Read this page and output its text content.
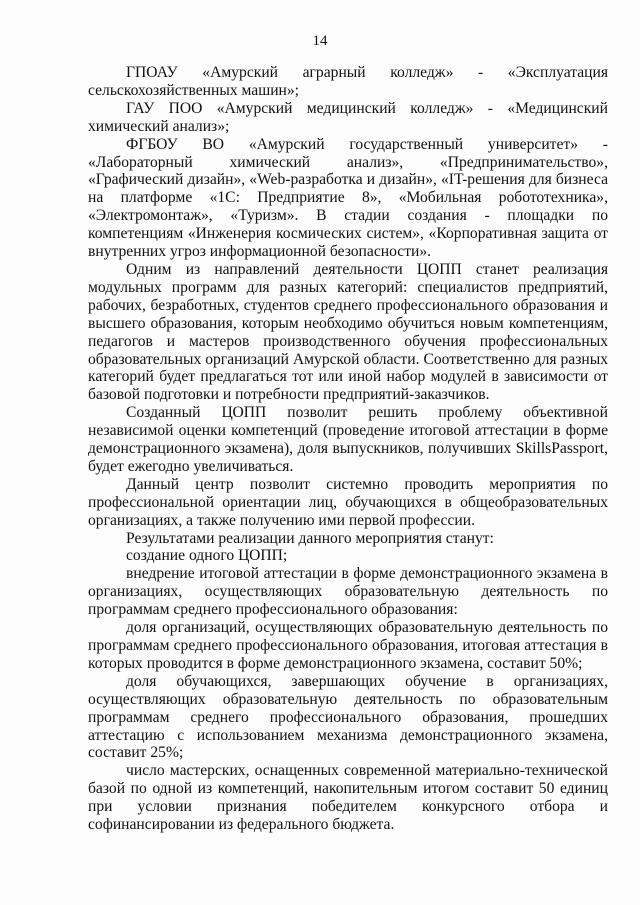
14

ГПОАУ «Амурский аграрный колледж» - «Эксплуатация сельскохозяйственных машин»;

ГАУ ПОО «Амурский медицинский колледж» - «Медицинский химический анализ»;

ФГБОУ ВО «Амурский государственный университет» - «Лабораторный химический анализ», «Предпринимательство», «Графический дизайн», «Web-разработка и дизайн», «IT-решения для бизнеса на платформе «1С: Предприятие 8», «Мобильная робототехника», «Электромонтаж», «Туризм». В стадии создания - площадки по компетенциям «Инженерия космических систем», «Корпоративная защита от внутренних угроз информационной безопасности».

Одним из направлений деятельности ЦОПП станет реализация модульных программ для разных категорий: специалистов предприятий, рабочих, безработных, студентов среднего профессионального образования и высшего образования, которым необходимо обучиться новым компетенциям, педагогов и мастеров производственного обучения профессиональных образовательных организаций Амурской области. Соответственно для разных категорий будет предлагаться тот или иной набор модулей в зависимости от базовой подготовки и потребности предприятий-заказчиков.

Созданный ЦОПП позволит решить проблему объективной независимой оценки компетенций (проведение итоговой аттестации в форме демонстрационного экзамена), доля выпускников, получивших SkillsPassport, будет ежегодно увеличиваться.

Данный центр позволит системно проводить мероприятия по профессиональной ориентации лиц, обучающихся в общеобразовательных организациях, а также получению ими первой профессии.

Результатами реализации данного мероприятия станут:

создание одного ЦОПП;

внедрение итоговой аттестации в форме демонстрационного экзамена в организациях, осуществляющих образовательную деятельность по программам среднего профессионального образования:

доля организаций, осуществляющих образовательную деятельность по программам среднего профессионального образования, итоговая аттестация в которых проводится в форме демонстрационного экзамена, составит 50%;

доля обучающихся, завершающих обучение в организациях, осуществляющих образовательную деятельность по образовательным программам среднего профессионального образования, прошедших аттестацию с использованием механизма демонстрационного экзамена, составит 25%;

число мастерских, оснащенных современной материально-технической базой по одной из компетенций, накопительным итогом составит 50 единиц при условии признания победителем конкурсного отбора и софинансировании из федерального бюджета.
